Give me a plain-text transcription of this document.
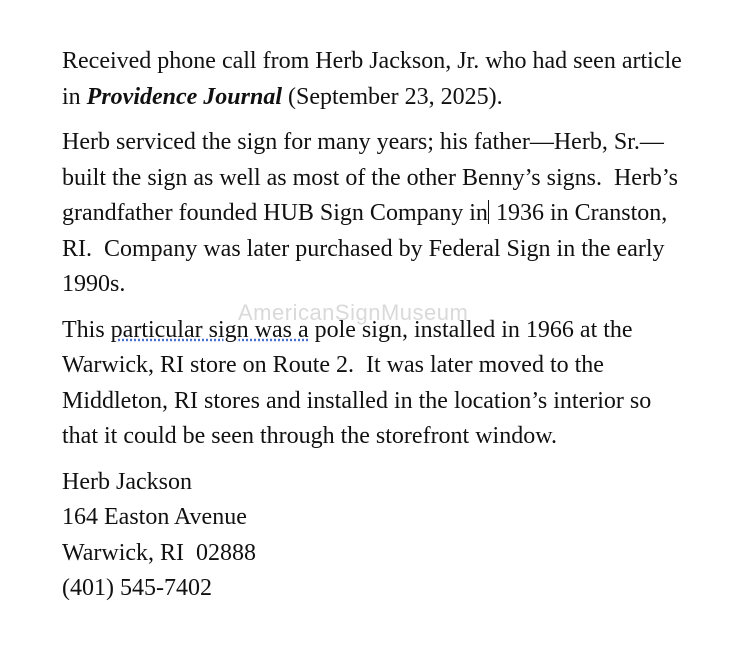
Received phone call from Herb Jackson, Jr. who had seen article in Providence Journal (September 23, 2025).

Herb serviced the sign for many years; his father—Herb, Sr.—built the sign as well as most of the other Benny’s signs.  Herb’s grandfather founded HUB Sign Company in 1936 in Cranston, RI.  Company was later purchased by Federal Sign in the early 1990s.

This particular sign was a pole sign, installed in 1966 at the Warwick, RI store on Route 2.  It was later moved to the Middleton, RI stores and installed in the location’s interior so that it could be seen through the storefront window.

Herb Jackson
164 Easton Avenue
Warwick, RI  02888
(401) 545-7402
AmericanSignMuseum
